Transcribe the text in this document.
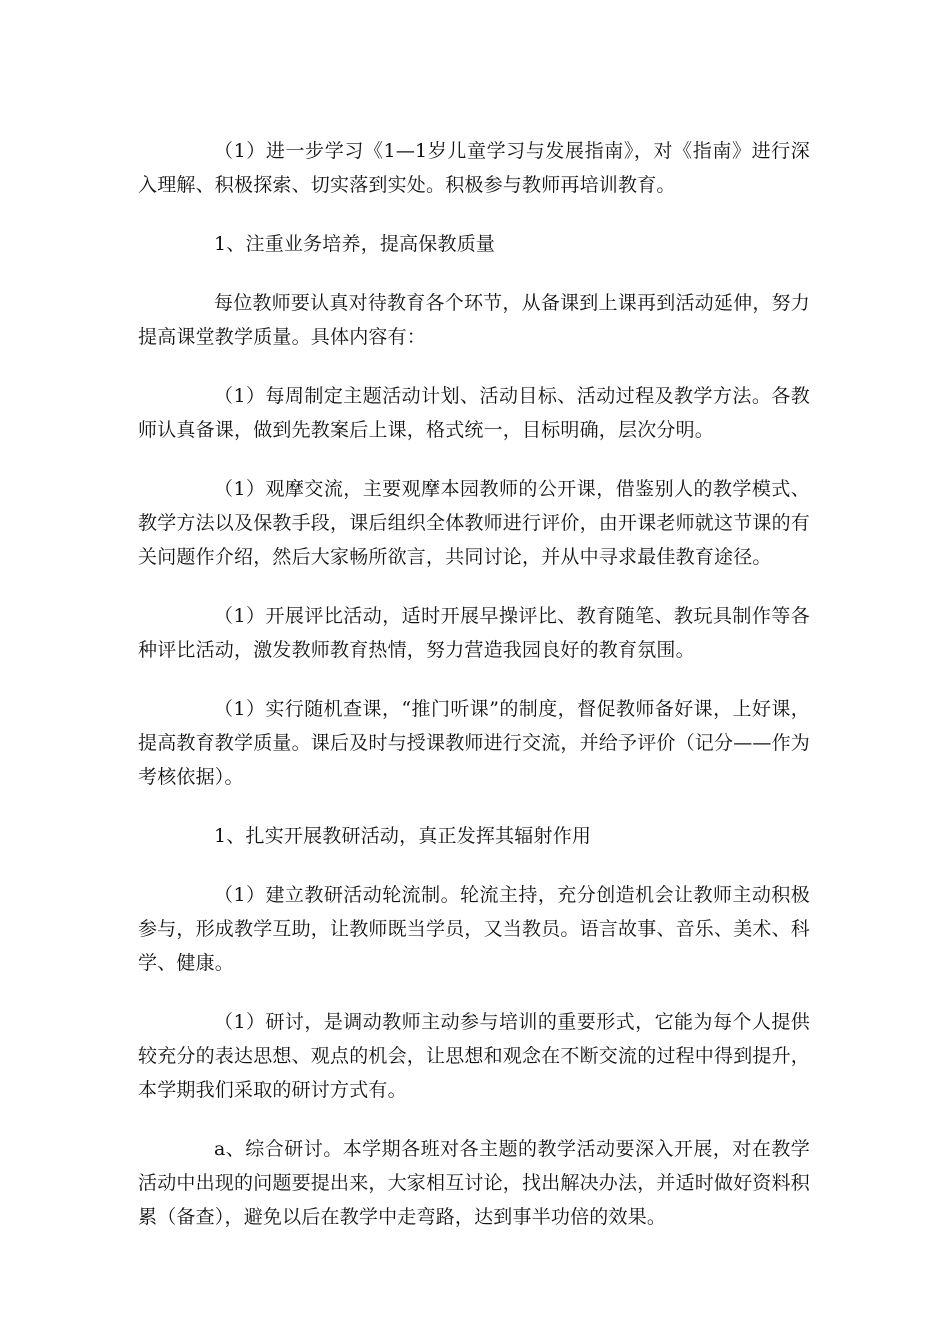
（1）进一步学习《1—1岁儿童学习与发展指南》，对《指南》进行深入理解、积极探索、切实落到实处。积极参与教师再培训教育。

1、注重业务培养，提高保教质量

每位教师要认真对待教育各个环节，从备课到上课再到活动延伸，努力提高课堂教学质量。具体内容有：

（1）每周制定主题活动计划、活动目标、活动过程及教学方法。各教师认真备课，做到先教案后上课，格式统一，目标明确，层次分明。

（1）观摩交流，主要观摩本园教师的公开课，借鉴别人的教学模式、教学方法以及保教手段，课后组织全体教师进行评价，由开课老师就这节课的有关问题作介绍，然后大家畅所欲言，共同讨论，并从中寻求最佳教育途径。

（1）开展评比活动，适时开展早操评比、教育随笔、教玩具制作等各种评比活动，激发教师教育热情，努力营造我园良好的教育氛围。

（1）实行随机查课，“推门听课”的制度，督促教师备好课，上好课，提高教育教学质量。课后及时与授课教师进行交流，并给予评价（记分——作为考核依据）。

1、扎实开展教研活动，真正发挥其辐射作用

（1）建立教研活动轮流制。轮流主持，充分创造机会让教师主动积极参与，形成教学互助，让教师既当学员，又当教员。语言故事、音乐、美术、科学、健康。

（1）研讨，是调动教师主动参与培训的重要形式，它能为每个人提供较充分的表达思想、观点的机会，让思想和观念在不断交流的过程中得到提升，本学期我们采取的研讨方式有。

a、综合研讨。本学期各班对各主题的教学活动要深入开展，对在教学活动中出现的问题要提出来，大家相互讨论，找出解决办法，并适时做好资料积累（备查），避免以后在教学中走弯路，达到事半功倍的效果。
